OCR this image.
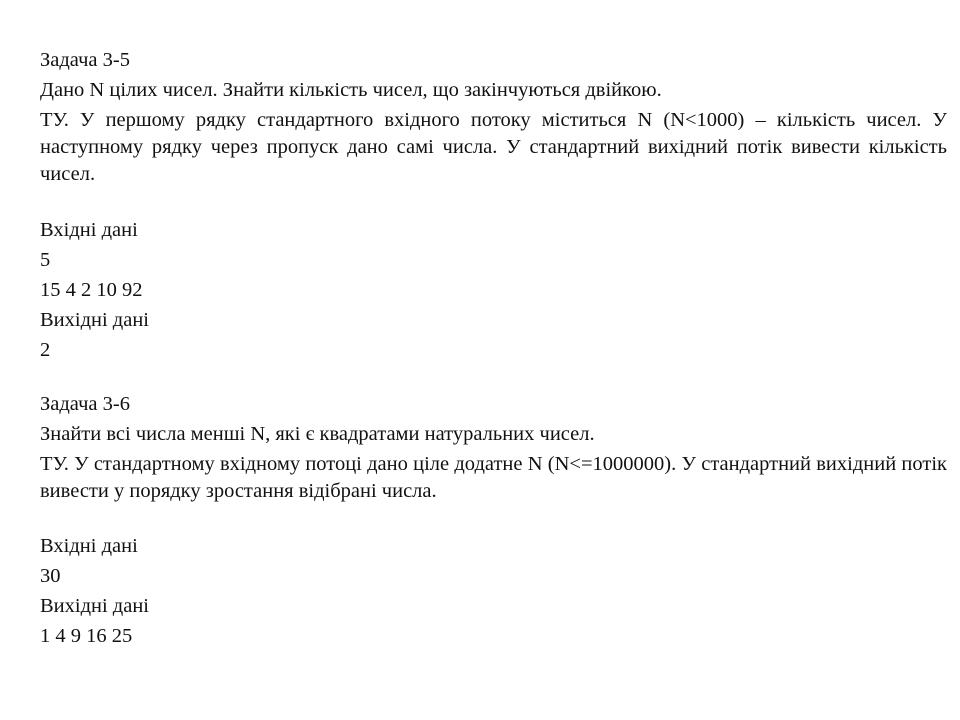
Задача 3-5
Дано N цілих чисел. Знайти кількість чисел, що закінчуються двійкою.
ТУ. У першому рядку стандартного вхідного потоку міститься N (N<1000) – кількість чисел. У наступному рядку через пропуск дано самі числа. У стандартний вихідний потік вивести кількість чисел.
Вхідні дані
5
15 4 2 10 92
Вихідні дані
2
Задача 3-6
Знайти всі числа менші N, які є квадратами натуральних чисел.
ТУ. У стандартному вхідному потоці дано ціле додатне N (N<=1000000). У стандартний вихідний потік вивести у порядку зростання відібрані числа.
Вхідні дані
30
Вихідні дані
1 4 9 16 25
